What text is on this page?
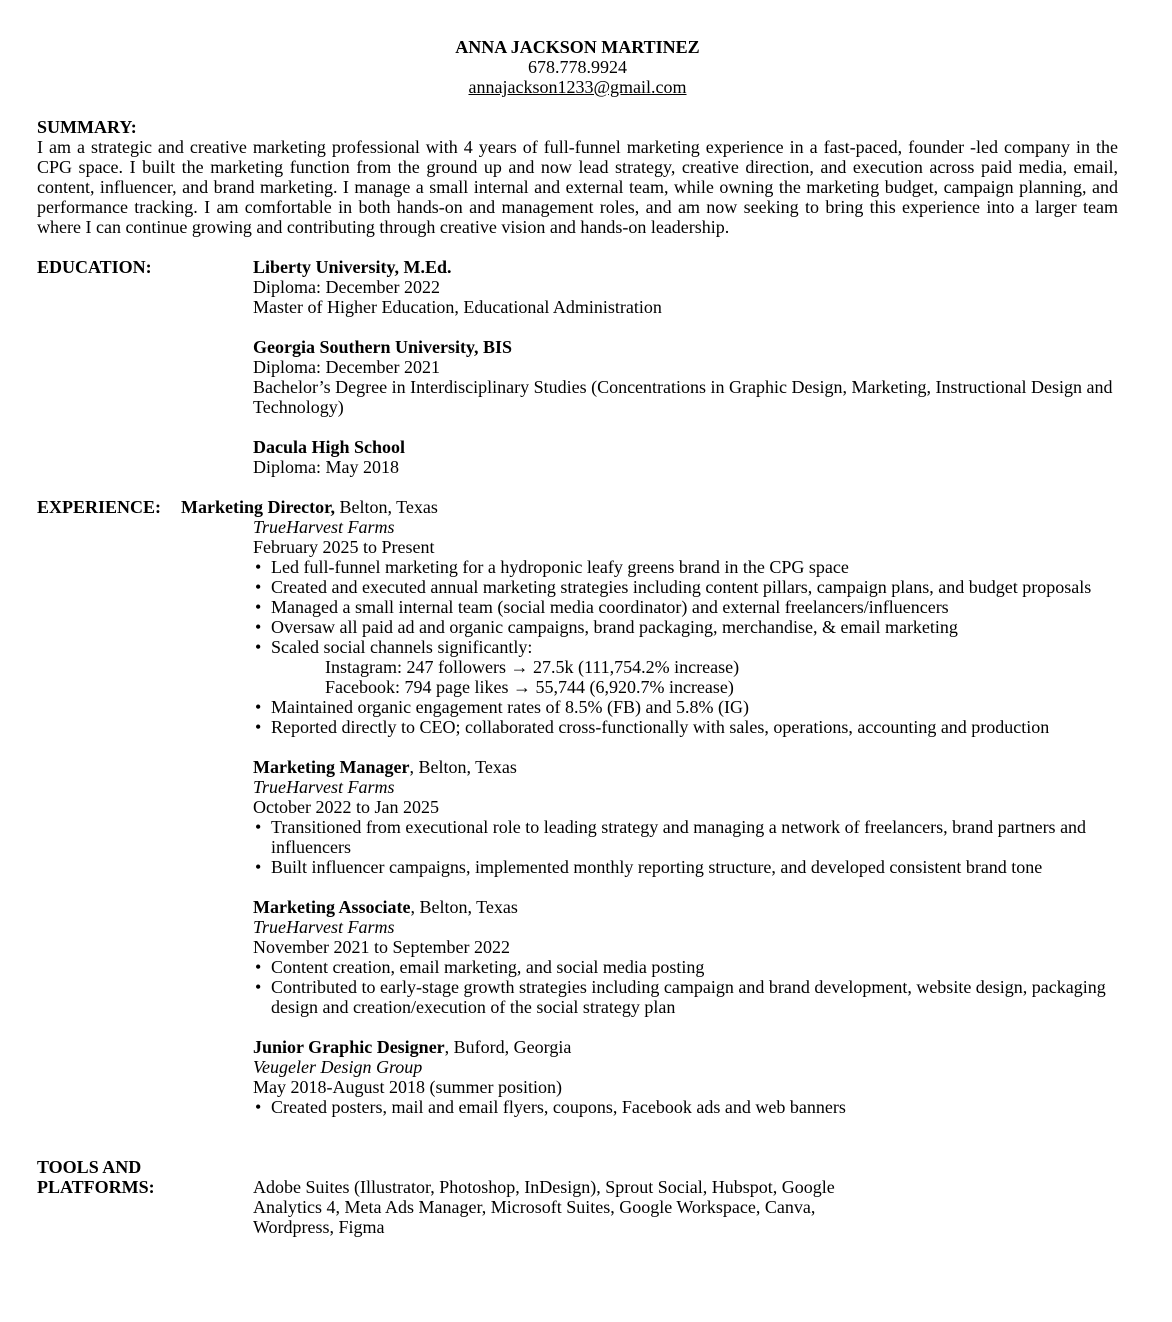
ANNA JACKSON MARTINEZ
678.778.9924
annajackson1233@gmail.com
SUMMARY:
I am a strategic and creative marketing professional with 4 years of full-funnel marketing experience in a fast-paced, founder -led company in the CPG space. I built the marketing function from the ground up and now lead strategy, creative direction, and execution across paid media, email, content, influencer, and brand marketing. I manage a small internal and external team, while owning the marketing budget, campaign planning, and performance tracking. I am comfortable in both hands-on and management roles, and am now seeking to bring this experience into a larger team where I can continue growing and contributing through creative vision and hands-on leadership.
EDUCATION:	Liberty University, M.Ed.
Diploma: December 2022
Master of Higher Education, Educational Administration
Georgia Southern University, BIS
Diploma: December 2021
Bachelor’s Degree in Interdisciplinary Studies (Concentrations in Graphic Design, Marketing, Instructional Design and Technology)
Dacula High School
Diploma: May 2018
EXPERIENCE:	Marketing Director, Belton, Texas
TrueHarvest Farms
February 2025 to Present
• Led full-funnel marketing for a hydroponic leafy greens brand in the CPG space
• Created and executed annual marketing strategies including content pillars, campaign plans, and budget proposals
• Managed a small internal team (social media coordinator) and external freelancers/influencers
• Oversaw all paid ad and organic campaigns, brand packaging, merchandise, & email marketing
• Scaled social channels significantly:
Instagram: 247 followers → 27.5k (111,754.2% increase)
Facebook: 794 page likes → 55,744 (6,920.7% increase)
• Maintained organic engagement rates of 8.5% (FB) and 5.8% (IG)
• Reported directly to CEO; collaborated cross-functionally with sales, operations, accounting and production
Marketing Manager, Belton, Texas
TrueHarvest Farms
October 2022 to Jan 2025
• Transitioned from executional role to leading strategy and managing a network of freelancers, brand partners and influencers
• Built influencer campaigns, implemented monthly reporting structure, and developed consistent brand tone
Marketing Associate, Belton, Texas
TrueHarvest Farms
November 2021 to September 2022
• Content creation, email marketing, and social media posting
• Contributed to early-stage growth strategies including campaign and brand development, website design, packaging design and creation/execution of the social strategy plan
Junior Graphic Designer, Buford, Georgia
Veugeler Design Group
May 2018-August 2018 (summer position)
• Created posters, mail and email flyers, coupons, Facebook ads and web banners
TOOLS AND
PLATFORMS:	Adobe Suites (Illustrator, Photoshop, InDesign), Sprout Social, Hubspot, Google Analytics 4, Meta Ads Manager, Microsoft Suites, Google Workspace, Canva, Wordpress, Figma
